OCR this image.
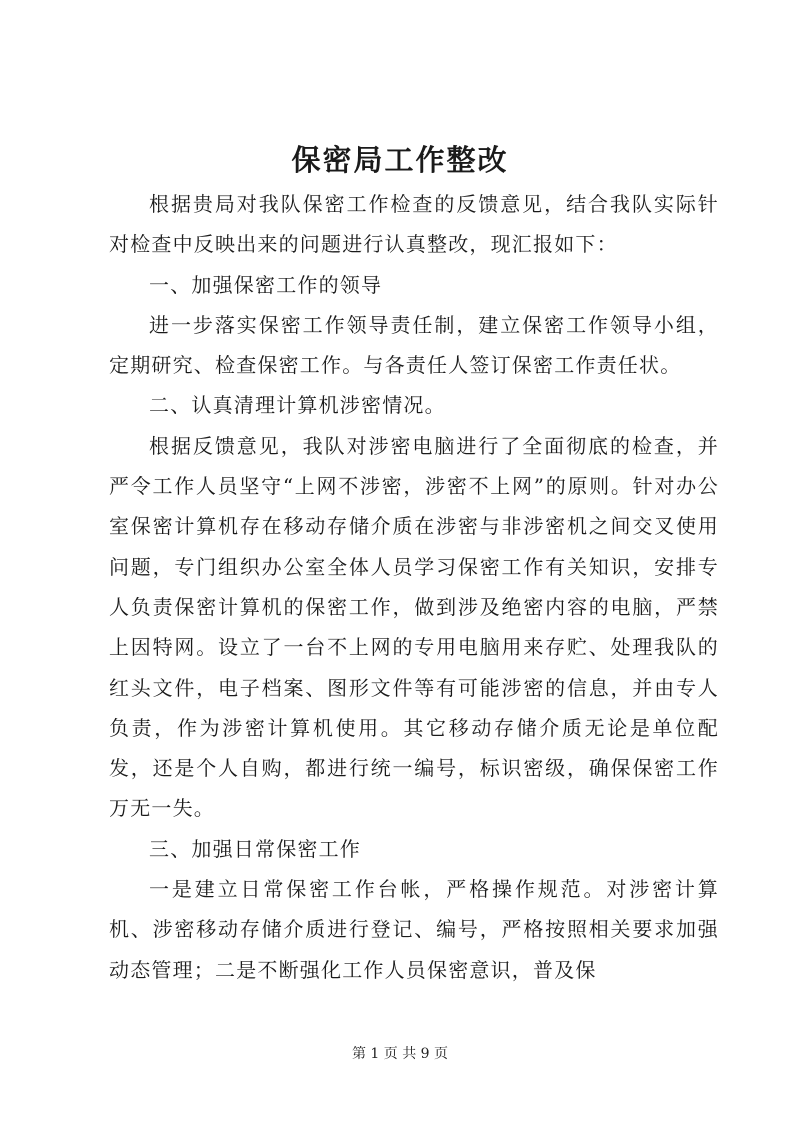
保密局工作整改

根据贵局对我队保密工作检查的反馈意见，结合我队实际针对检查中反映出来的问题进行认真整改，现汇报如下：

一、加强保密工作的领导

进一步落实保密工作领导责任制，建立保密工作领导小组，定期研究、检查保密工作。与各责任人签订保密工作责任状。

二、认真清理计算机涉密情况。

根据反馈意见，我队对涉密电脑进行了全面彻底的检查，并严令工作人员坚守“上网不涉密，涉密不上网”的原则。针对办公室保密计算机存在移动存储介质在涉密与非涉密机之间交叉使用问题，专门组织办公室全体人员学习保密工作有关知识，安排专人负责保密计算机的保密工作，做到涉及绝密内容的电脑，严禁上因特网。设立了一台不上网的专用电脑用来存贮、处理我队的红头文件，电子档案、图形文件等有可能涉密的信息，并由专人负责，作为涉密计算机使用。其它移动存储介质无论是单位配发，还是个人自购，都进行统一编号，标识密级，确保保密工作万无一失。

三、加强日常保密工作

一是建立日常保密工作台帐，严格操作规范。对涉密计算机、涉密移动存储介质进行登记、编号，严格按照相关要求加强动态管理；二是不断强化工作人员保密意识，普及保

第 1 页 共 9 页
